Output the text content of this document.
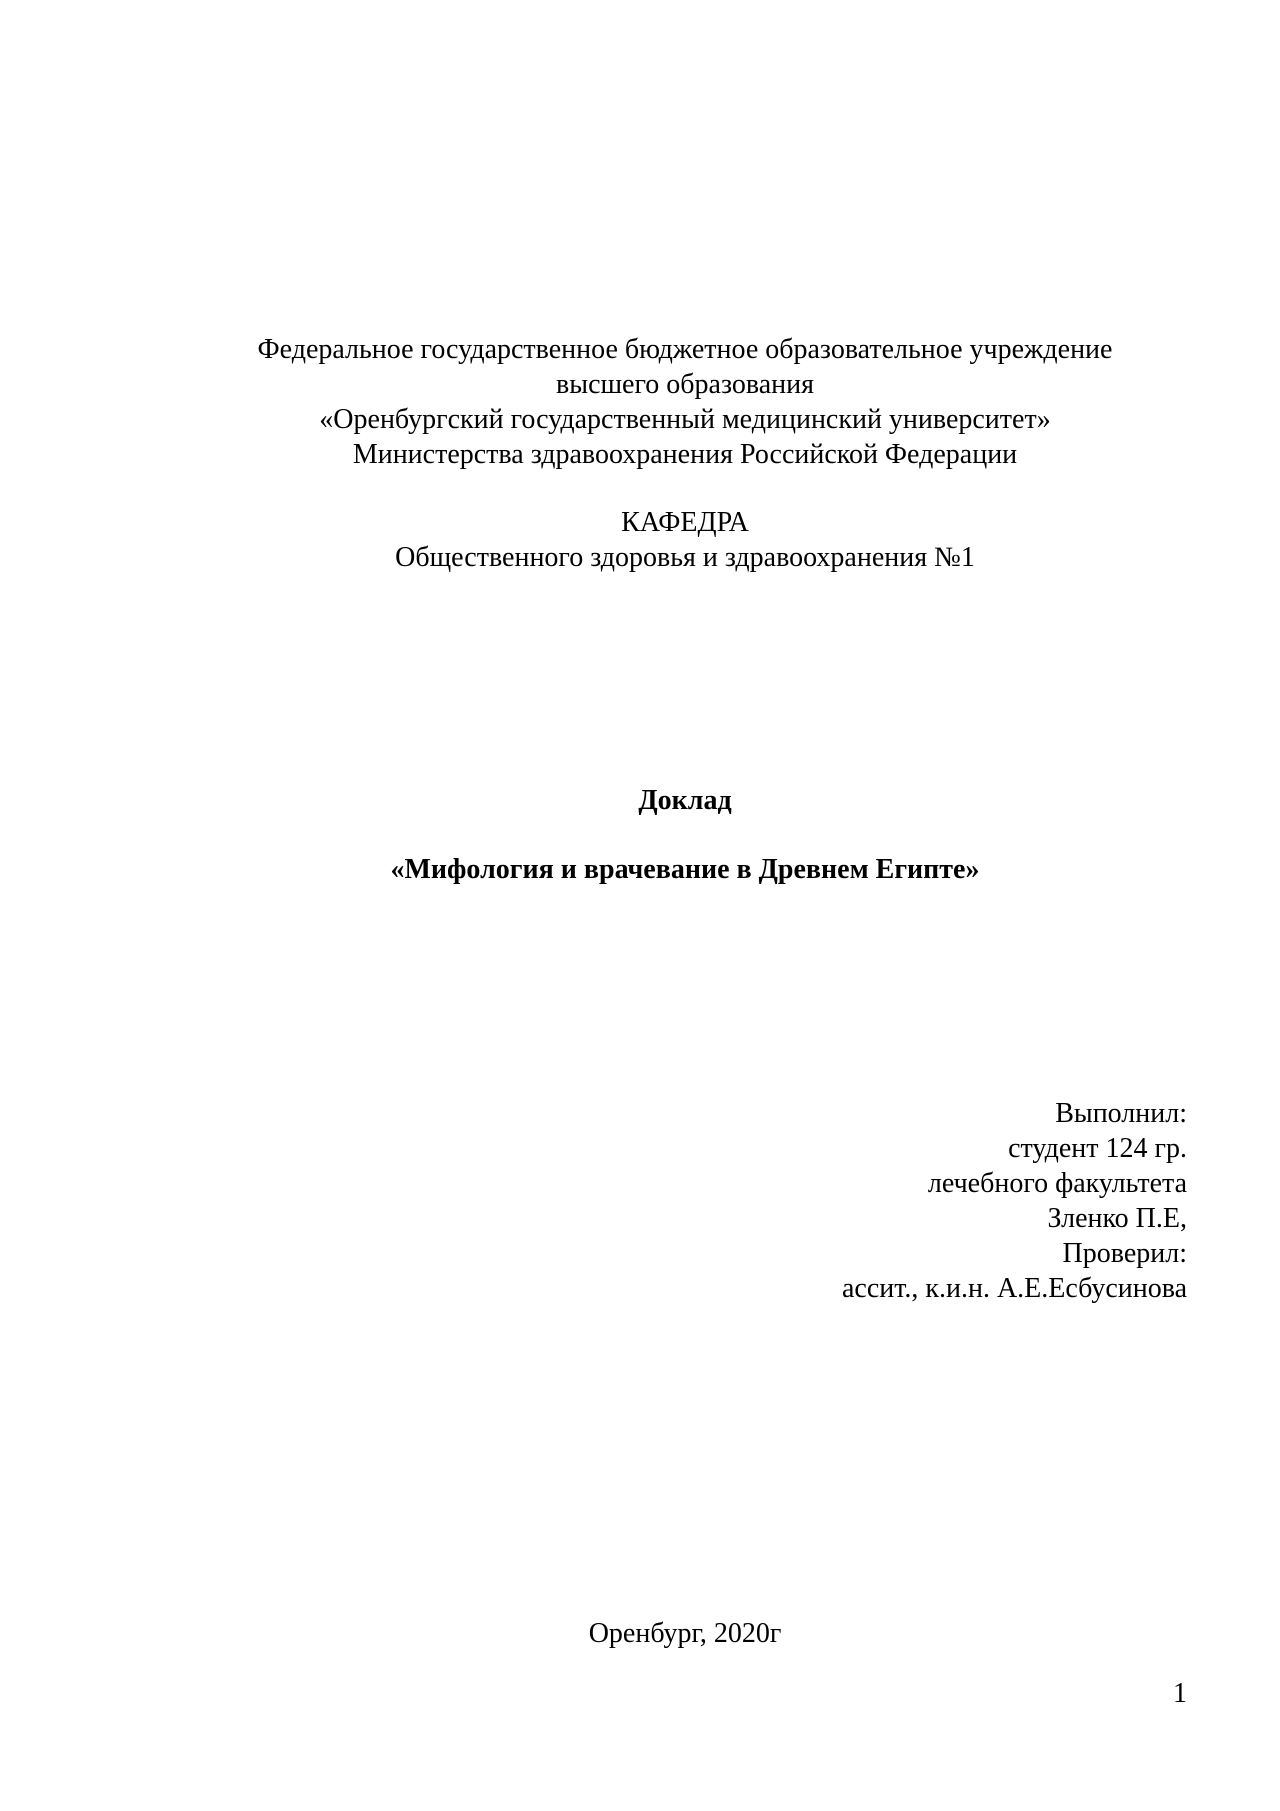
Федеральное государственное бюджетное образовательное учреждение
высшего образования
«Оренбургский государственный медицинский университет»
Министерства здравоохранения Российской Федерации
КАФЕДРА
Общественного здоровья и здравоохранения №1
Доклад
«Мифология и врачевание в Древнем Египте»
Выполнил:
студент 124 гр.
лечебного факультета
Зленко П.Е,
Проверил:
ассит., к.и.н. А.Е.Есбусинова
Оренбург, 2020г
1
